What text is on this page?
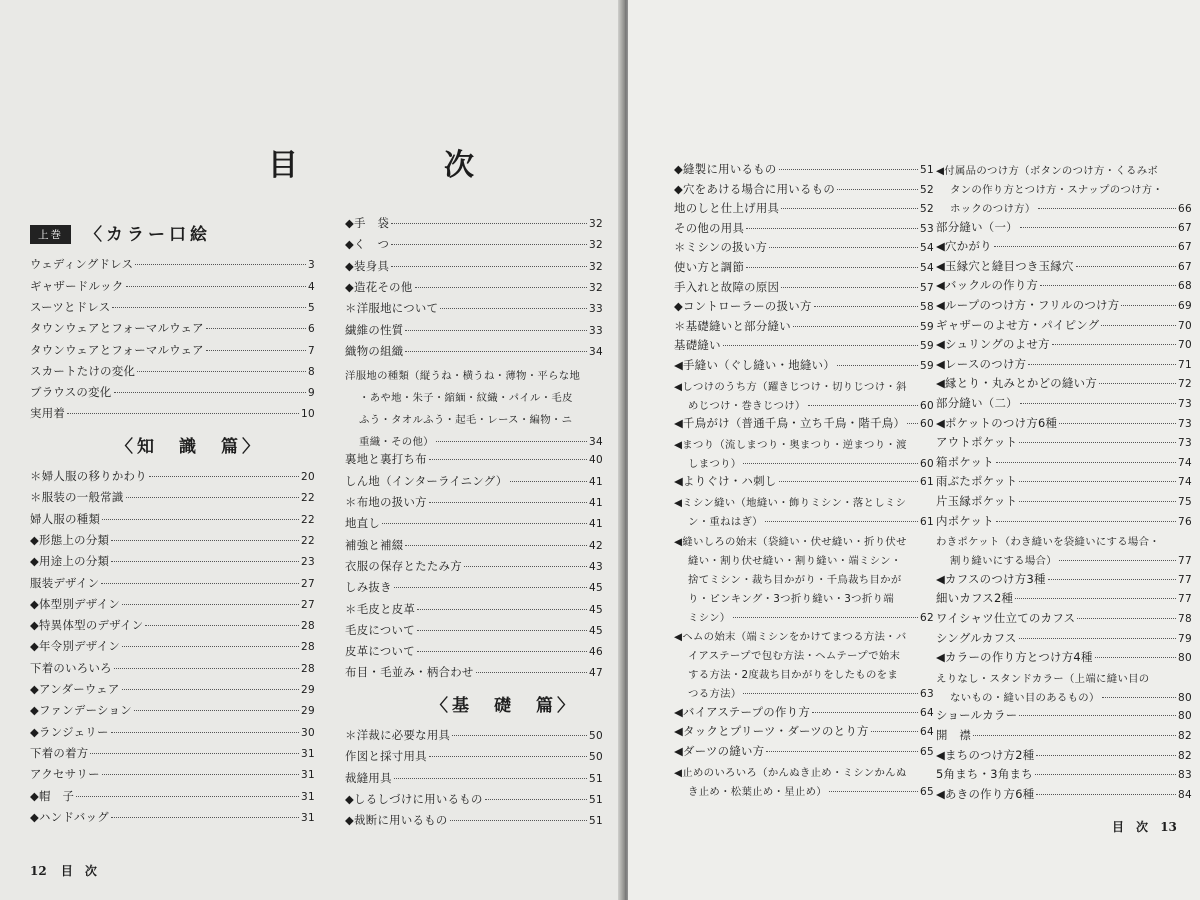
目　次
上巻 〈カラー口絵
ウェディングドレス	3
ギャザードルック	4
スーツとドレス	5
タウンウェアとフォーマルウェア	6
タウンウェアとフォーマルウェア	7
スカートたけの変化	8
ブラウスの変化	9
実用着	10
〈知　識　篇〉
＊婦人服の移りかわり	20
＊服装の一般常識	22
婦人服の種類	22
◆形態上の分類	22
◆用途上の分類	23
服装デザイン	27
◆体型別デザイン	27
◆特異体型のデザイン	28
◆年令別デザイン	28
下着のいろいろ	28
◆アンダーウェア	29
◆ファンデーション	29
◆ランジェリー	30
下着の着方	31
アクセサリー	31
◆帽　子	31
◆ハンドバッグ	31
◆手　袋	32
◆く　つ	32
◆装身具	32
◆造花その他	32
＊洋服地について	33
繊維の性質	33
織物の組織	34
洋服地の種類（縦うね・横うね・薄物・平らな地
・あや地・朱子・縮緬・紋織・パイル・毛皮
ふう・タオルふう・起毛・レース・編物・ニ
重織・その他）	34
裏地と裏打ち布	40
しん地（インターライニング）	41
＊布地の扱い方	41
地直し	41
補強と補綴	42
衣服の保存とたたみ方	43
しみ抜き	45
＊毛皮と皮革	45
毛皮について	45
皮革について	46
布目・毛並み・柄合わせ	47
〈基　礎　篇〉
＊洋裁に必要な用具	50
作図と採寸用具	50
裁縫用具	51
◆しるしづけに用いるもの	51
◆裁断に用いるもの	51
12 目　次
◆縫製に用いるもの	51
◆穴をあける場合に用いるもの	52
地のしと仕上げ用具	52
その他の用具	53
＊ミシンの扱い方	54
使い方と調節	54
手入れと故障の原因	57
◆コントローラーの扱い方	58
＊基礎縫いと部分縫い	59
基礎縫い	59
◀手縫い（ぐし縫い・地縫い）	59
◀しつけのうち方（躍きじつけ・切りじつけ・斜
めじつけ・巻きじつけ）	60
◀千鳥がけ（普通千鳥・立ち千鳥・階千鳥） 60
◀まつり（流しまつり・奥まつり・逆まつり・渡
しまつり）	60
◀よりぐけ・ハ刺し	61
◀ミシン縫い（地縫い・飾りミシン・落としミシ
ン・重ねはぎ）	61
◀縫いしろの始末（袋縫い・伏せ縫い・折り伏せ
縫い・割り伏せ縫い・割り縫い・端ミシン・
捨てミシン・裁ち目かがり・千鳥裁ち目かが
り・ピンキング・3つ折り縫い・3つ折り端
ミシン）	62
◀ヘムの始末（端ミシンをかけてまつる方法・バ
イアステープで包む方法・ヘムテープで始末
する方法・2度裁ち目かがりをしたものをま
つる方法）	63
◀バイアステープの作り方	64
◀タックとプリーツ・ダーツのとり方	64
◀ダーツの縫い方	65
◀止めのいろいろ（かんぬき止め・ミシンかんぬ
き止め・松葉止め・星止め）	65
◀付属品のつけ方（ボタンのつけ方・くるみボ
タンの作り方とつけ方・スナップのつけ方・
ホックのつけ方）	66
部分縫い（一）	67
◀穴かがり	67
◀玉縁穴と縫目つき玉縁穴	67
◀バックルの作り方	68
◀ループのつけ方・フリルのつけ方	69
ギャザーのよせ方・パイピング	70
◀シュリングのよせ方	70
◀レースのつけ方	71
◀縁とり・丸みとかどの縫い方	72
部分縫い（二）	73
◀ポケットのつけ方6種	73
アウトポケット	73
箱ポケット	74
雨ぶたポケット	74
片玉縁ポケット	75
内ポケット	76
わきポケット（わき縫いを袋縫いにする場合・
割り縫いにする場合）	77
◀カフスのつけ方3種	77
細いカフス2種	77
ワイシャツ仕立てのカフス	78
シングルカフス	79
◀カラーの作り方とつけ方4種	80
えりなし・スタンドカラー（上端に縫い目の
ないもの・縫い目のあるもの）	80
ショールカラー	80
開　襟	82
◀まちのつけ方2種	82
5角まち・3角まち	83
◀あきの作り方6種	84
目　次 13
